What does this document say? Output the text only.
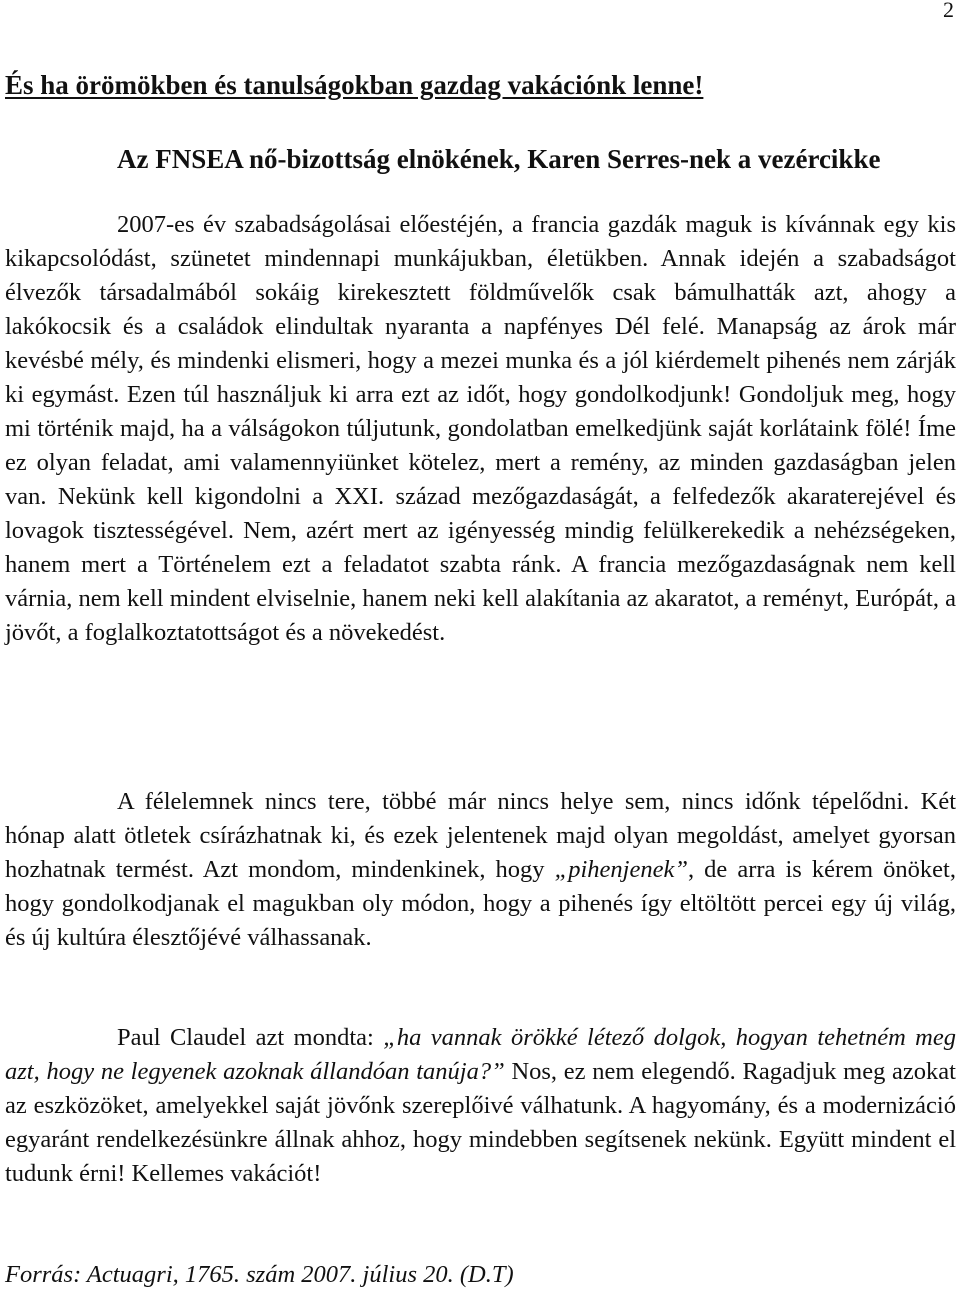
2
És ha örömökben és tanulságokban gazdag vakációnk lenne!
Az FNSEA nő-bizottság elnökének, Karen Serres-nek a vezércikke

2007-es év szabadságolásai előestéjén, a francia gazdák maguk is kívánnak egy kis kikapcsolódást, szünetet mindennapi munkájukban, életükben. Annak idején a szabadságot élvezők társadalmából sokáig kirekesztett földművelők csak bámulhatták azt, ahogy a lakókocsik és a családok elindultak nyaranta a napfényes Dél felé. Manapság az árok már kevésbé mély, és mindenki elismeri, hogy a mezei munka és a jól kiérdemelt pihenés nem zárják ki egymást. Ezen túl használjuk ki arra ezt az időt, hogy gondolkodjunk! Gondoljuk meg, hogy mi történik majd, ha a válságokon túljutunk, gondolatban emelkedjünk saját korlátaink fölé! Íme ez olyan feladat, ami valamennyiünket kötelez, mert a remény, az minden gazdaságban jelen van. Nekünk kell kigondolni a XXI. század mezőgazdaságát, a felfedezők akaraterejével és lovagok tisztességével. Nem, azért mert az igényesség mindig felülkerekedik a nehézségeken, hanem mert a Történelem ezt a feladatot szabta ránk. A francia mezőgazdaságnak nem kell várnia, nem kell mindent elviselnie, hanem neki kell alakítania az akaratot, a reményt, Európát, a jövőt, a foglalkoztatottságot és a növekedést.

A félelemnek nincs tere, többé már nincs helye sem, nincs időnk tépelődni. Két hónap alatt ötletek csírázhatnak ki, és ezek jelentenek majd olyan megoldást, amelyet gyorsan hozhatnak termést. Azt mondom, mindenkinek, hogy „pihenjenek”, de arra is kérem önöket, hogy gondolkodjanak el magukban oly módon, hogy a pihenés így eltöltött percei egy új világ, és új kultúra élesztőjévé válhassanak.

Paul Claudel azt mondta: „ha vannak örökké létező dolgok, hogyan tehetném meg azt, hogy ne legyenek azoknak állandóan tanúja?” Nos, ez nem elegendő. Ragadjuk meg azokat az eszközöket, amelyekkel saját jövőnk szereplőivé válhatunk. A hagyomány, és a modernizáció egyaránt rendelkezésünkre állnak ahhoz, hogy mindebben segítsenek nekünk. Együtt mindent el tudunk érni! Kellemes vakációt!

Forrás: Actuagri, 1765. szám 2007. július 20. (D.T)
